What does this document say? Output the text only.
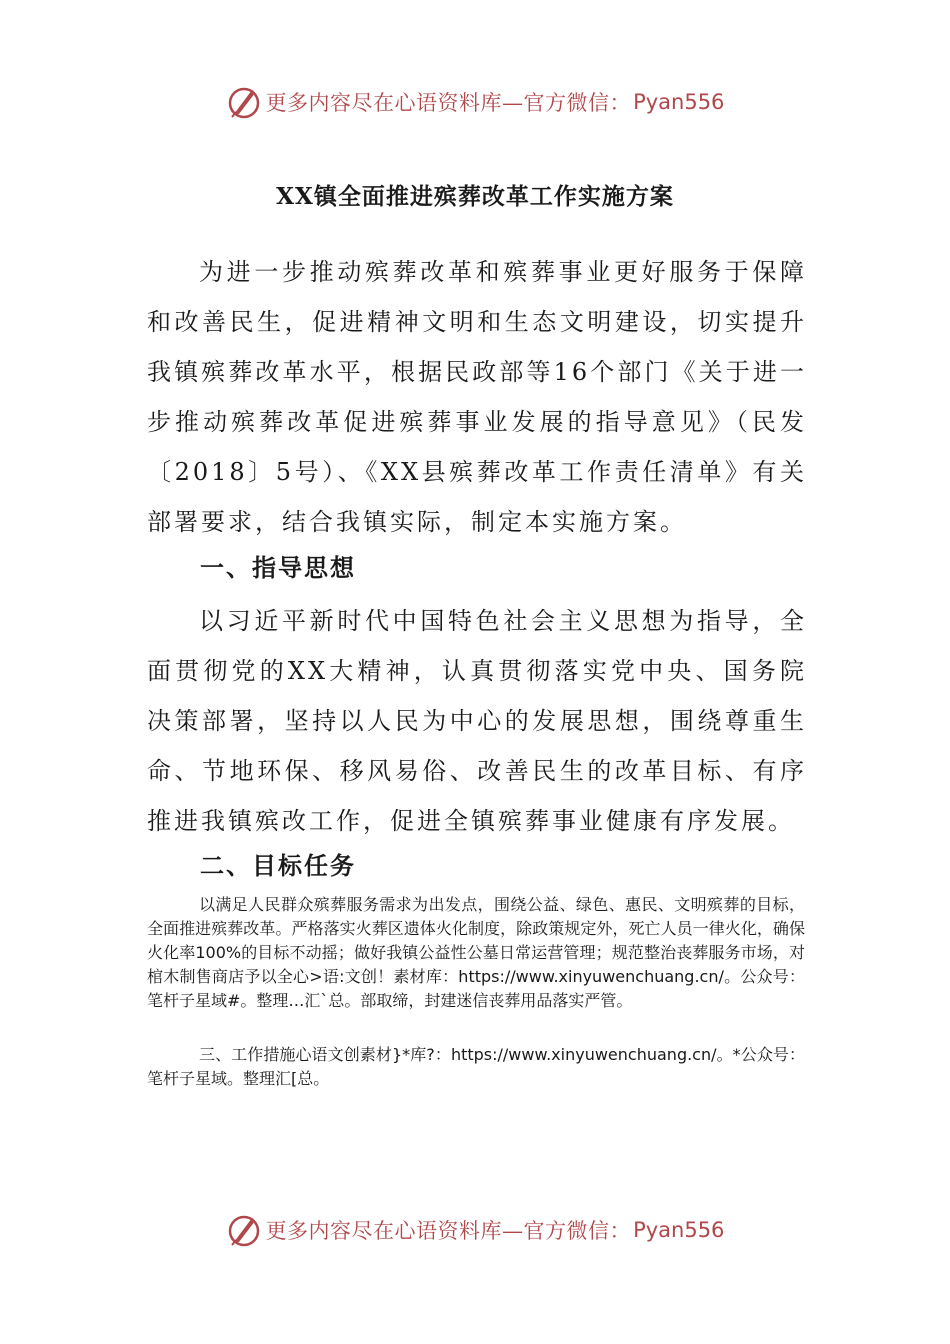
更多内容尽在心语资料库—官方微信： Pyan556
XX镇全面推进殡葬改革工作实施方案

为进一步推动殡葬改革和殡葬事业更好服务于保障和改善民生，促进精神文明和生态文明建设，切实提升我镇殡葬改革水平，根据民政部等16个部门《关于进一步推动殡葬改革促进殡葬事业发展的指导意见》（民发〔2018〕5号）、《XX县殡葬改革工作责任清单》有关部署要求，结合我镇实际，制定本实施方案。

一、指导思想

以习近平新时代中国特色社会主义思想为指导，全面贯彻党的XX大精神，认真贯彻落实党中央、国务院决策部署，坚持以人民为中心的发展思想，围绕尊重生命、节地环保、移风易俗、改善民生的改革目标、有序推进我镇殡改工作，促进全镇殡葬事业健康有序发展。

二、目标任务

以满足人民群众殡葬服务需求为出发点，围绕公益、绿色、惠民、文明殡葬的目标，全面推进殡葬改革。严格落实火葬区遗体火化制度，除政策规定外，死亡人员一律火化，确保火化率100%的目标不动摇；做好我镇公益性公墓日常运营管理；规范整治丧葬服务市场，对棺木制售商店予以全心>语:文创！素材库：https://www.xinyuwenchuang.cn/。公众号：笔杆子星域#。整理…汇`总。部取缔，封建迷信丧葬用品落实严管。

三、工作措施心语文创素材}*库?：https://www.xinyuwenchuang.cn/。*公众号：笔杆子星域。整理汇[总。

更多内容尽在心语资料库—官方微信： Pyan556
